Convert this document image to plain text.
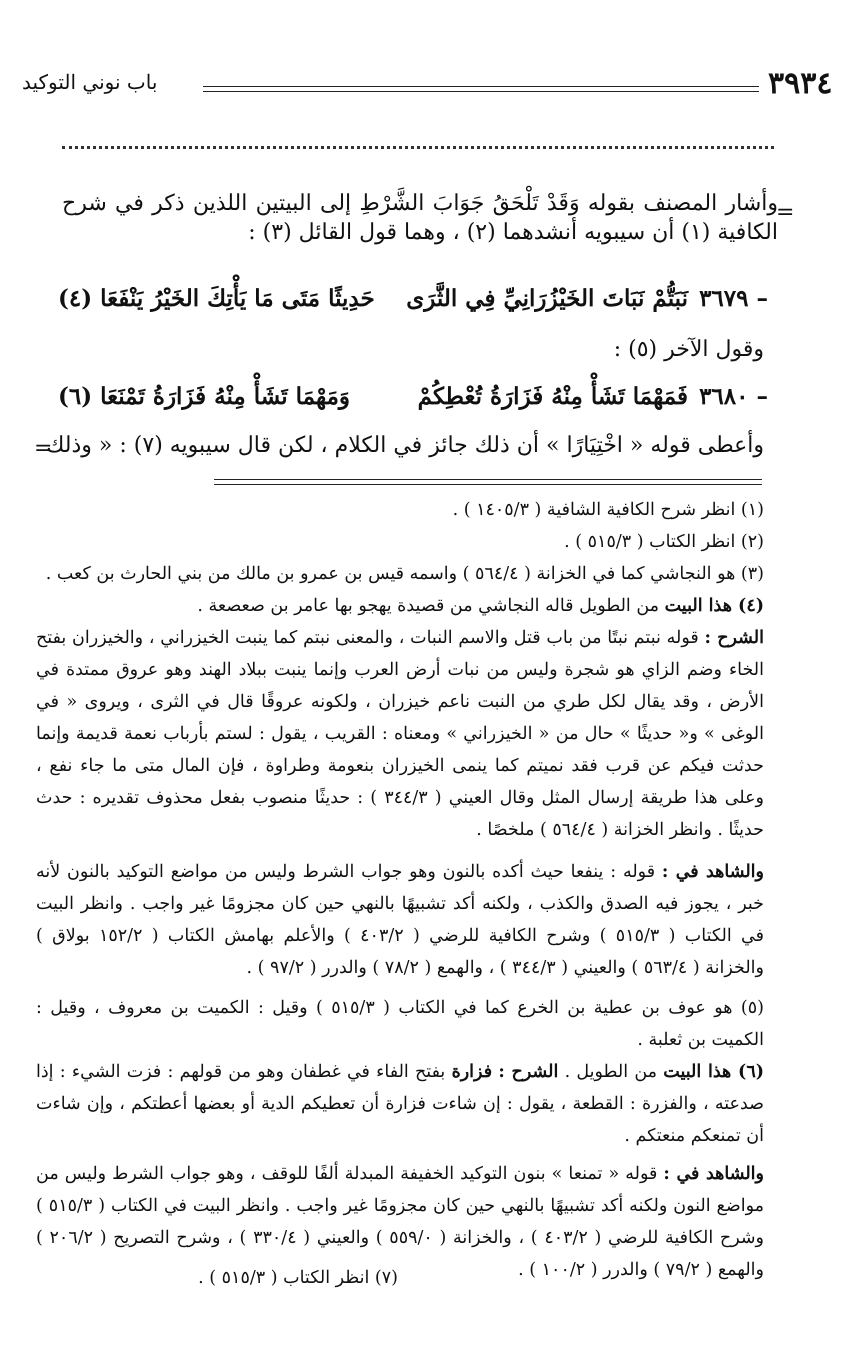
٣٩٣٤
باب نوني التوكيد
=
وأشار المصنف بقوله وَقَدْ تَلْحَقُ جَوَابَ الشَّرْطِ إلى البيتين اللذين ذكر في شرح الكافية (١) أن سيبويه أنشدهما (٢) ، وهما قول القائل (٣) :
٣٦٧٩ –
نَبَتُّمْ نَبَاتَ الخَيْزُرَانِيِّ فِي الثَّرَى
حَدِيثًا مَتَى مَا يَأْتِكَ الخَيْرُ يَنْفَعَا (٤)
وقول الآخر (٥) :
٣٦٨٠ –
فَمَهْمَا تَشَأْ مِنْهُ فَزَارَةُ تُعْطِكُمْ
وَمَهْمَا تَشَأْ مِنْهُ فَزَارَةُ تَمْنَعَا (٦)
وأعطى قوله « اخْتِيَارًا » أن ذلك جائز في الكلام ، لكن قال سيبويه (٧) : « وذلك
=
(١) انظر شرح الكافية الشافية ( ١٤٠٥/٣ ) .
(٢) انظر الكتاب ( ٥١٥/٣ ) .
(٣) هو النجاشي كما في الخزانة ( ٥٦٤/٤ ) واسمه قيس بن عمرو بن مالك من بني الحارث بن كعب .
(٤) هذا البيت من الطويل قاله النجاشي من قصيدة يهجو بها عامر بن صعصعة .
الشرح : قوله نبتم نبتًا من باب قتل والاسم النبات ، والمعنى نبتم كما ينبت الخيزراني ، والخيزران بفتح الخاء وضم الزاي هو شجرة وليس من نبات أرض العرب وإنما ينبت ببلاد الهند وهو عروق ممتدة في الأرض ، وقد يقال لكل طري من النبت ناعم خيزران ، ولكونه عروقًا قال في الثرى ، ويروى « في الوغى » و« حديثًا » حال من « الخيزراني » ومعناه : القريب ، يقول : لستم بأرباب نعمة قديمة وإنما حدثت فيكم عن قرب فقد نميتم كما ينمى الخيزران بنعومة وطراوة ، فإن المال متى ما جاء نفع ، وعلى هذا طريقة إرسال المثل وقال العيني ( ٣٤٤/٣ ) : حديثًا منصوب بفعل محذوف تقديره : حدث حديثًا . وانظر الخزانة ( ٥٦٤/٤ ) ملخصًا .
والشاهد في : قوله : ينفعا حيث أكده بالنون وهو جواب الشرط وليس من مواضع التوكيد بالنون لأنه خبر ، يجوز فيه الصدق والكذب ، ولكنه أكد تشبيهًا بالنهي حين كان مجزومًا غير واجب . وانظر البيت في الكتاب ( ٥١٥/٣ ) وشرح الكافية للرضي ( ٤٠٣/٢ ) والأعلم بهامش الكتاب ( ١٥٢/٢ بولاق ) والخزانة ( ٥٦٣/٤ ) والعيني ( ٣٤٤/٣ ) ، والهمع ( ٧٨/٢ ) والدرر ( ٩٧/٢ ) .
(٥) هو عوف بن عطية بن الخرع كما في الكتاب ( ٥١٥/٣ ) وقيل : الكميت بن معروف ، وقيل : الكميت بن ثعلبة .
(٦) هذا البيت من الطويل . الشرح : فزارة بفتح الفاء في غطفان وهو من قولهم : فزت الشيء : إذا صدعته ، والفزرة : القطعة ، يقول : إن شاءت فزارة أن تعطيكم الدية أو بعضها أعطتكم ، وإن شاءت أن تمنعكم منعتكم .
والشاهد في : قوله « تمنعا » بنون التوكيد الخفيفة المبدلة ألفًا للوقف ، وهو جواب الشرط وليس من مواضع النون ولكنه أكد تشبيهًا بالنهي حين كان مجزومًا غير واجب . وانظر البيت في الكتاب ( ٥١٥/٣ ) وشرح الكافية للرضي ( ٤٠٣/٢ ) ، والخزانة ( ٥٥٩/٠ ) والعيني ( ٣٣٠/٤ ) ، وشرح التصريح ( ٢٠٦/٢ ) والهمع ( ٧٩/٢ ) والدرر ( ١٠٠/٢ ) .
(٧) انظر الكتاب ( ٥١٥/٣ ) .
